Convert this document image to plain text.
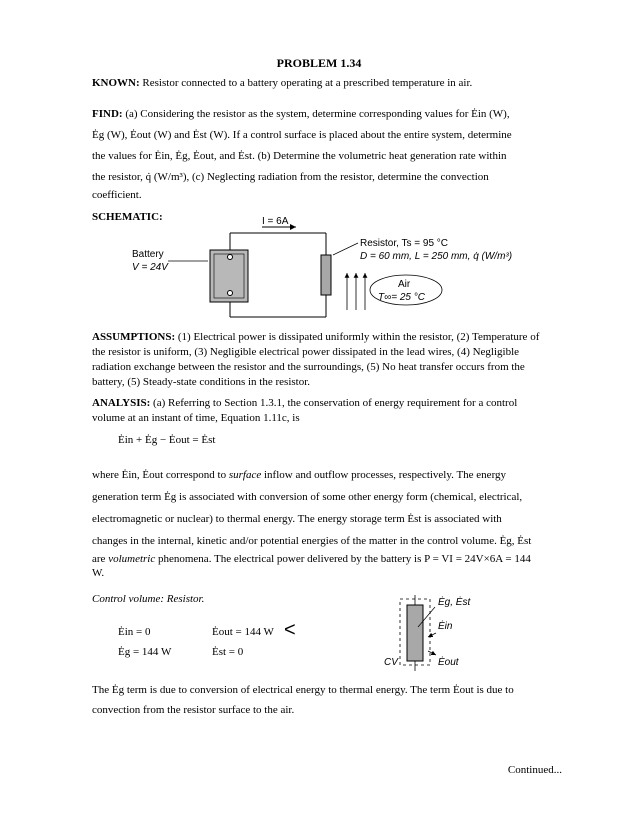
PROBLEM 1.34
KNOWN: Resistor connected to a battery operating at a prescribed temperature in air.
FIND: (a) Considering the resistor as the system, determine corresponding values for Ėin (W),
Ėg (W), Ėout (W) and Ėst (W). If a control surface is placed about the entire system, determine
the values for Ėin, Ėg, Ėout, and Ėst. (b) Determine the volumetric heat generation rate within
the resistor, q̇ (W/m³), (c) Neglecting radiation from the resistor, determine the convection
coefficient.
SCHEMATIC:	I = 6A
Battery
V = 24V
Resistor, Ts = 95 °C
D = 60 mm, L = 250 mm, q̇ (W/m³)
Air
T∞= 25 °C
ASSUMPTIONS: (1) Electrical power is dissipated uniformly within the resistor, (2) Temperature of
the resistor is uniform, (3) Negligible electrical power dissipated in the lead wires, (4) Negligible
radiation exchange between the resistor and the surroundings, (5) No heat transfer occurs from the
battery, (5) Steady-state conditions in the resistor.
ANALYSIS: (a) Referring to Section 1.3.1, the conservation of energy requirement for a control
volume at an instant of time, Equation 1.11c, is
Ėin + Ėg − Ėout = Ėst
where Ėin, Ėout correspond to surface inflow and outflow processes, respectively. The energy
generation term Ėg is associated with conversion of some other energy form (chemical, electrical,
electromagnetic or nuclear) to thermal energy. The energy storage term Ėst is associated with
changes in the internal, kinetic and/or potential energies of the matter in the control volume. Ėg, Ėst
are volumetric phenomena. The electrical power delivered by the battery is P = VI = 24V×6A = 144
W.
Control volume: Resistor.
Ėin = 0	Ėout = 144 W
Ėg = 144 W	Ėst = 0
<
Ėg, Ėst
Ėin
Ėout
CV
The Ėg term is due to conversion of electrical energy to thermal energy. The term Ėout is due to
convection from the resistor surface to the air.
Continued...
